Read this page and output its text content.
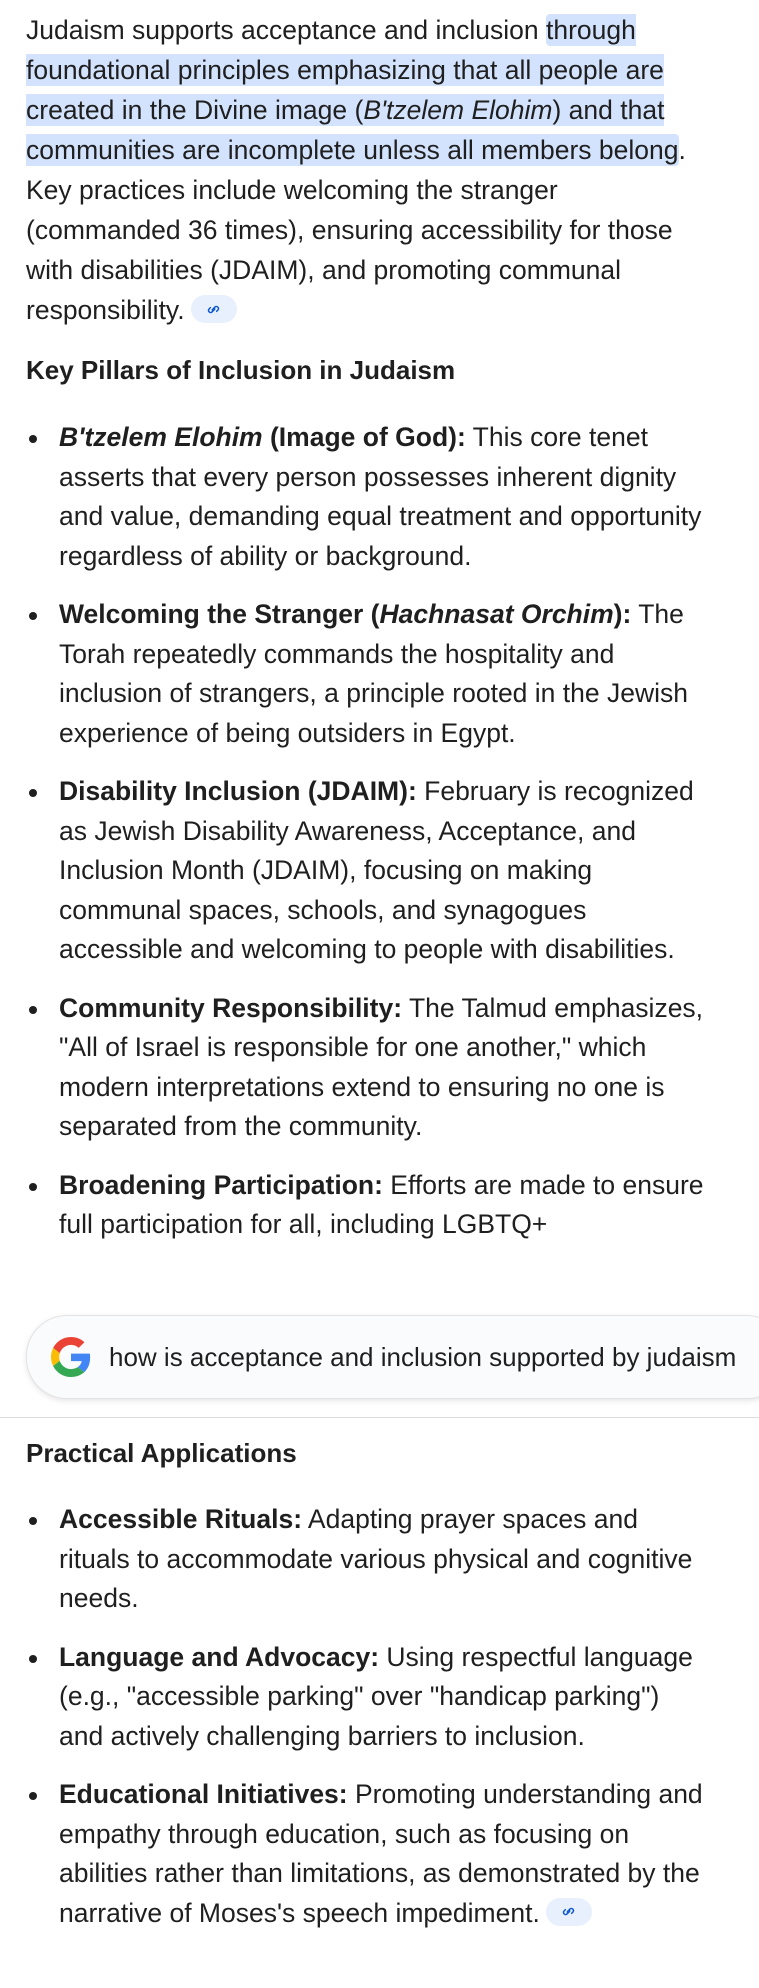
Judaism supports acceptance and inclusion through foundational principles emphasizing that all people are created in the Divine image (B'tzelem Elohim) and that communities are incomplete unless all members belong. Key practices include welcoming the stranger (commanded 36 times), ensuring accessibility for those with disabilities (JDAIM), and promoting communal responsibility.

Key Pillars of Inclusion in Judaism
B'tzelem Elohim (Image of God): This core tenet asserts that every person possesses inherent dignity and value, demanding equal treatment and opportunity regardless of ability or background.
Welcoming the Stranger (Hachnasat Orchim): The Torah repeatedly commands the hospitality and inclusion of strangers, a principle rooted in the Jewish experience of being outsiders in Egypt.
Disability Inclusion (JDAIM): February is recognized as Jewish Disability Awareness, Acceptance, and Inclusion Month (JDAIM), focusing on making communal spaces, schools, and synagogues accessible and welcoming to people with disabilities.
Community Responsibility: The Talmud emphasizes, "All of Israel is responsible for one another," which modern interpretations extend to ensuring no one is separated from the community.
Broadening Participation: Efforts are made to ensure full participation for all, including LGBTQ+
Practical Applications
Accessible Rituals: Adapting prayer spaces and rituals to accommodate various physical and cognitive needs.
Language and Advocacy: Using respectful language (e.g., "accessible parking" over "handicap parking") and actively challenging barriers to inclusion.
Educational Initiatives: Promoting understanding and empathy through education, such as focusing on abilities rather than limitations, as demonstrated by the narrative of Moses's speech impediment.
how is acceptance and inclusion supported by judaism
